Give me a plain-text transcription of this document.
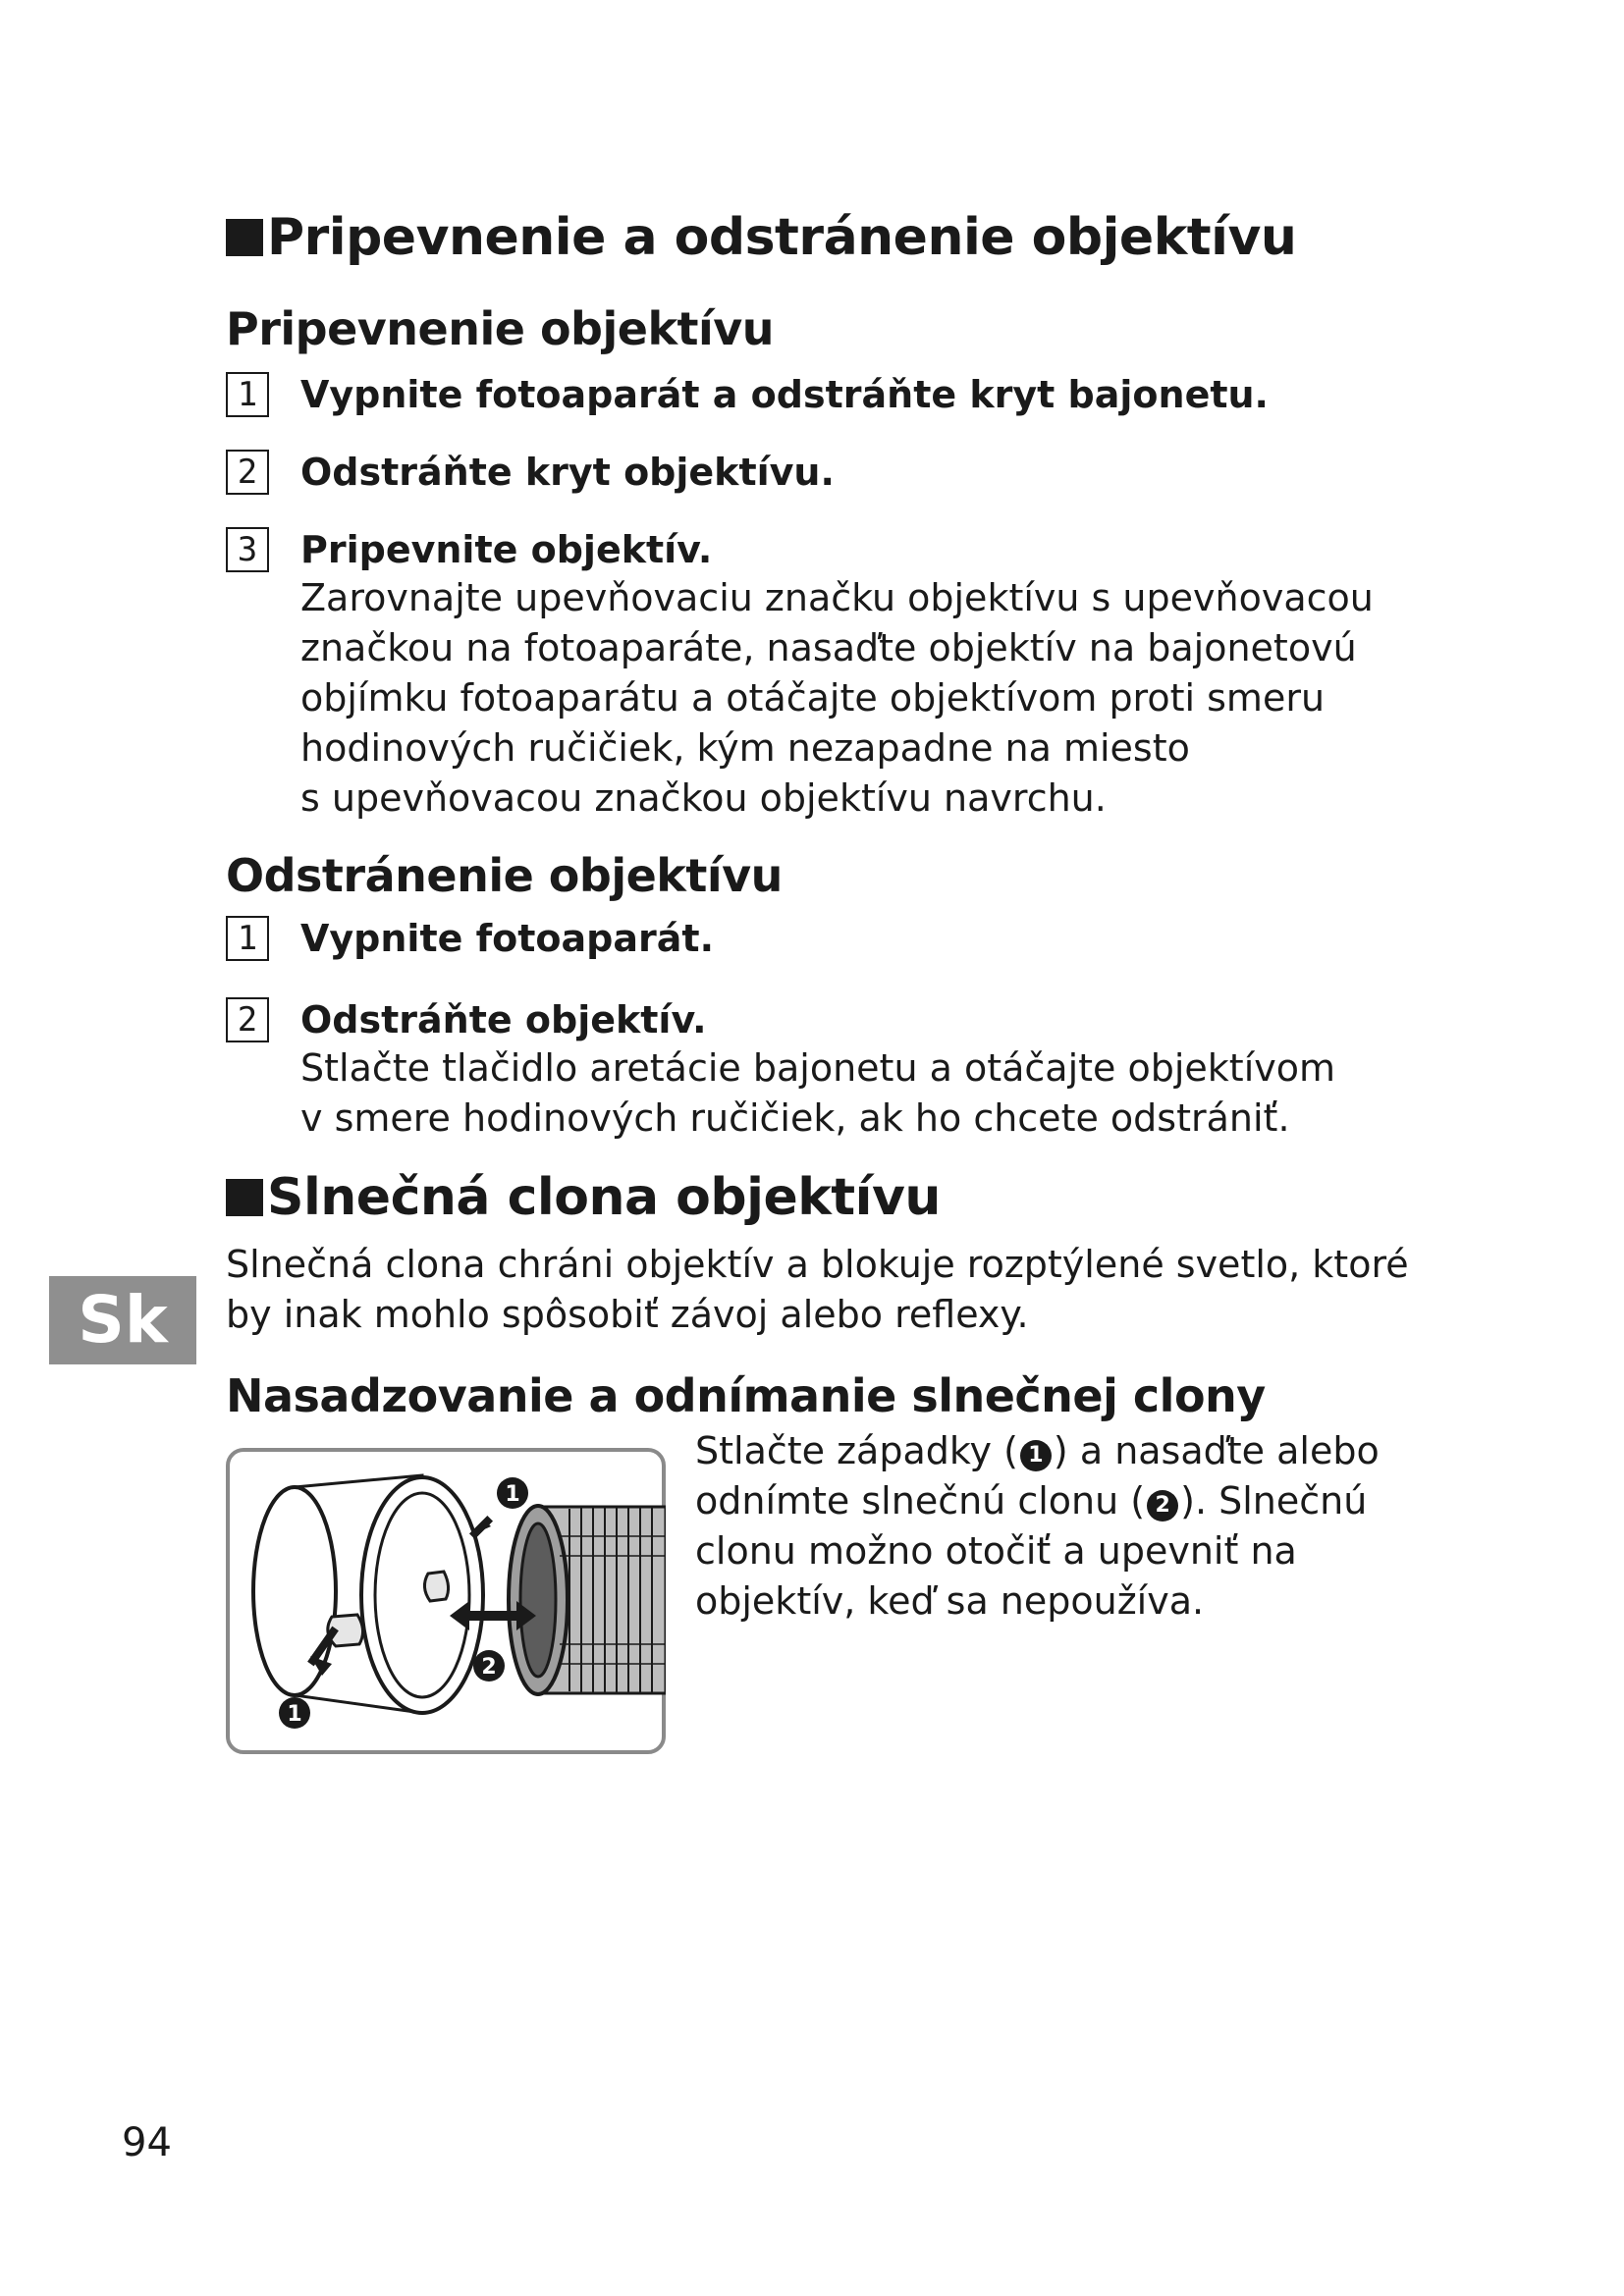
Pripevnenie a odstránenie objektívu
Pripevnenie objektívu
1	Vypnite fotoaparát a odstráňte kryt bajonetu.
2	Odstráňte kryt objektívu.
3	Pripevnite objektív.
Zarovnajte upevňovaciu značku objektívu s upevňovacou
značkou na fotoaparáte, nasaďte objektív na bajonetovú
objímku fotoaparátu a otáčajte objektívom proti smeru
hodinových ručičiek, kým nezapadne na miesto
s upevňovacou značkou objektívu navrchu.
Odstránenie objektívu
1	Vypnite fotoaparát.
2	Odstráňte objektív.
Stlačte tlačidlo aretácie bajonetu a otáčajte objektívom
v smere hodinových ručičiek, ak ho chcete odstrániť.
Slnečná clona objektívu
Slnečná clona chráni objektív a blokuje rozptýlené svetlo, ktoré
by inak mohlo spôsobiť závoj alebo reflexy.
Sk
Nasadzovanie a odnímanie slnečnej clony
1
2
1
Stlačte západky ( 1 ) a nasaďte alebo
odnímte slnečnú clonu ( 2 ). Slnečnú
clonu možno otočiť a upevniť na
objektív, keď sa nepoužíva.
94
